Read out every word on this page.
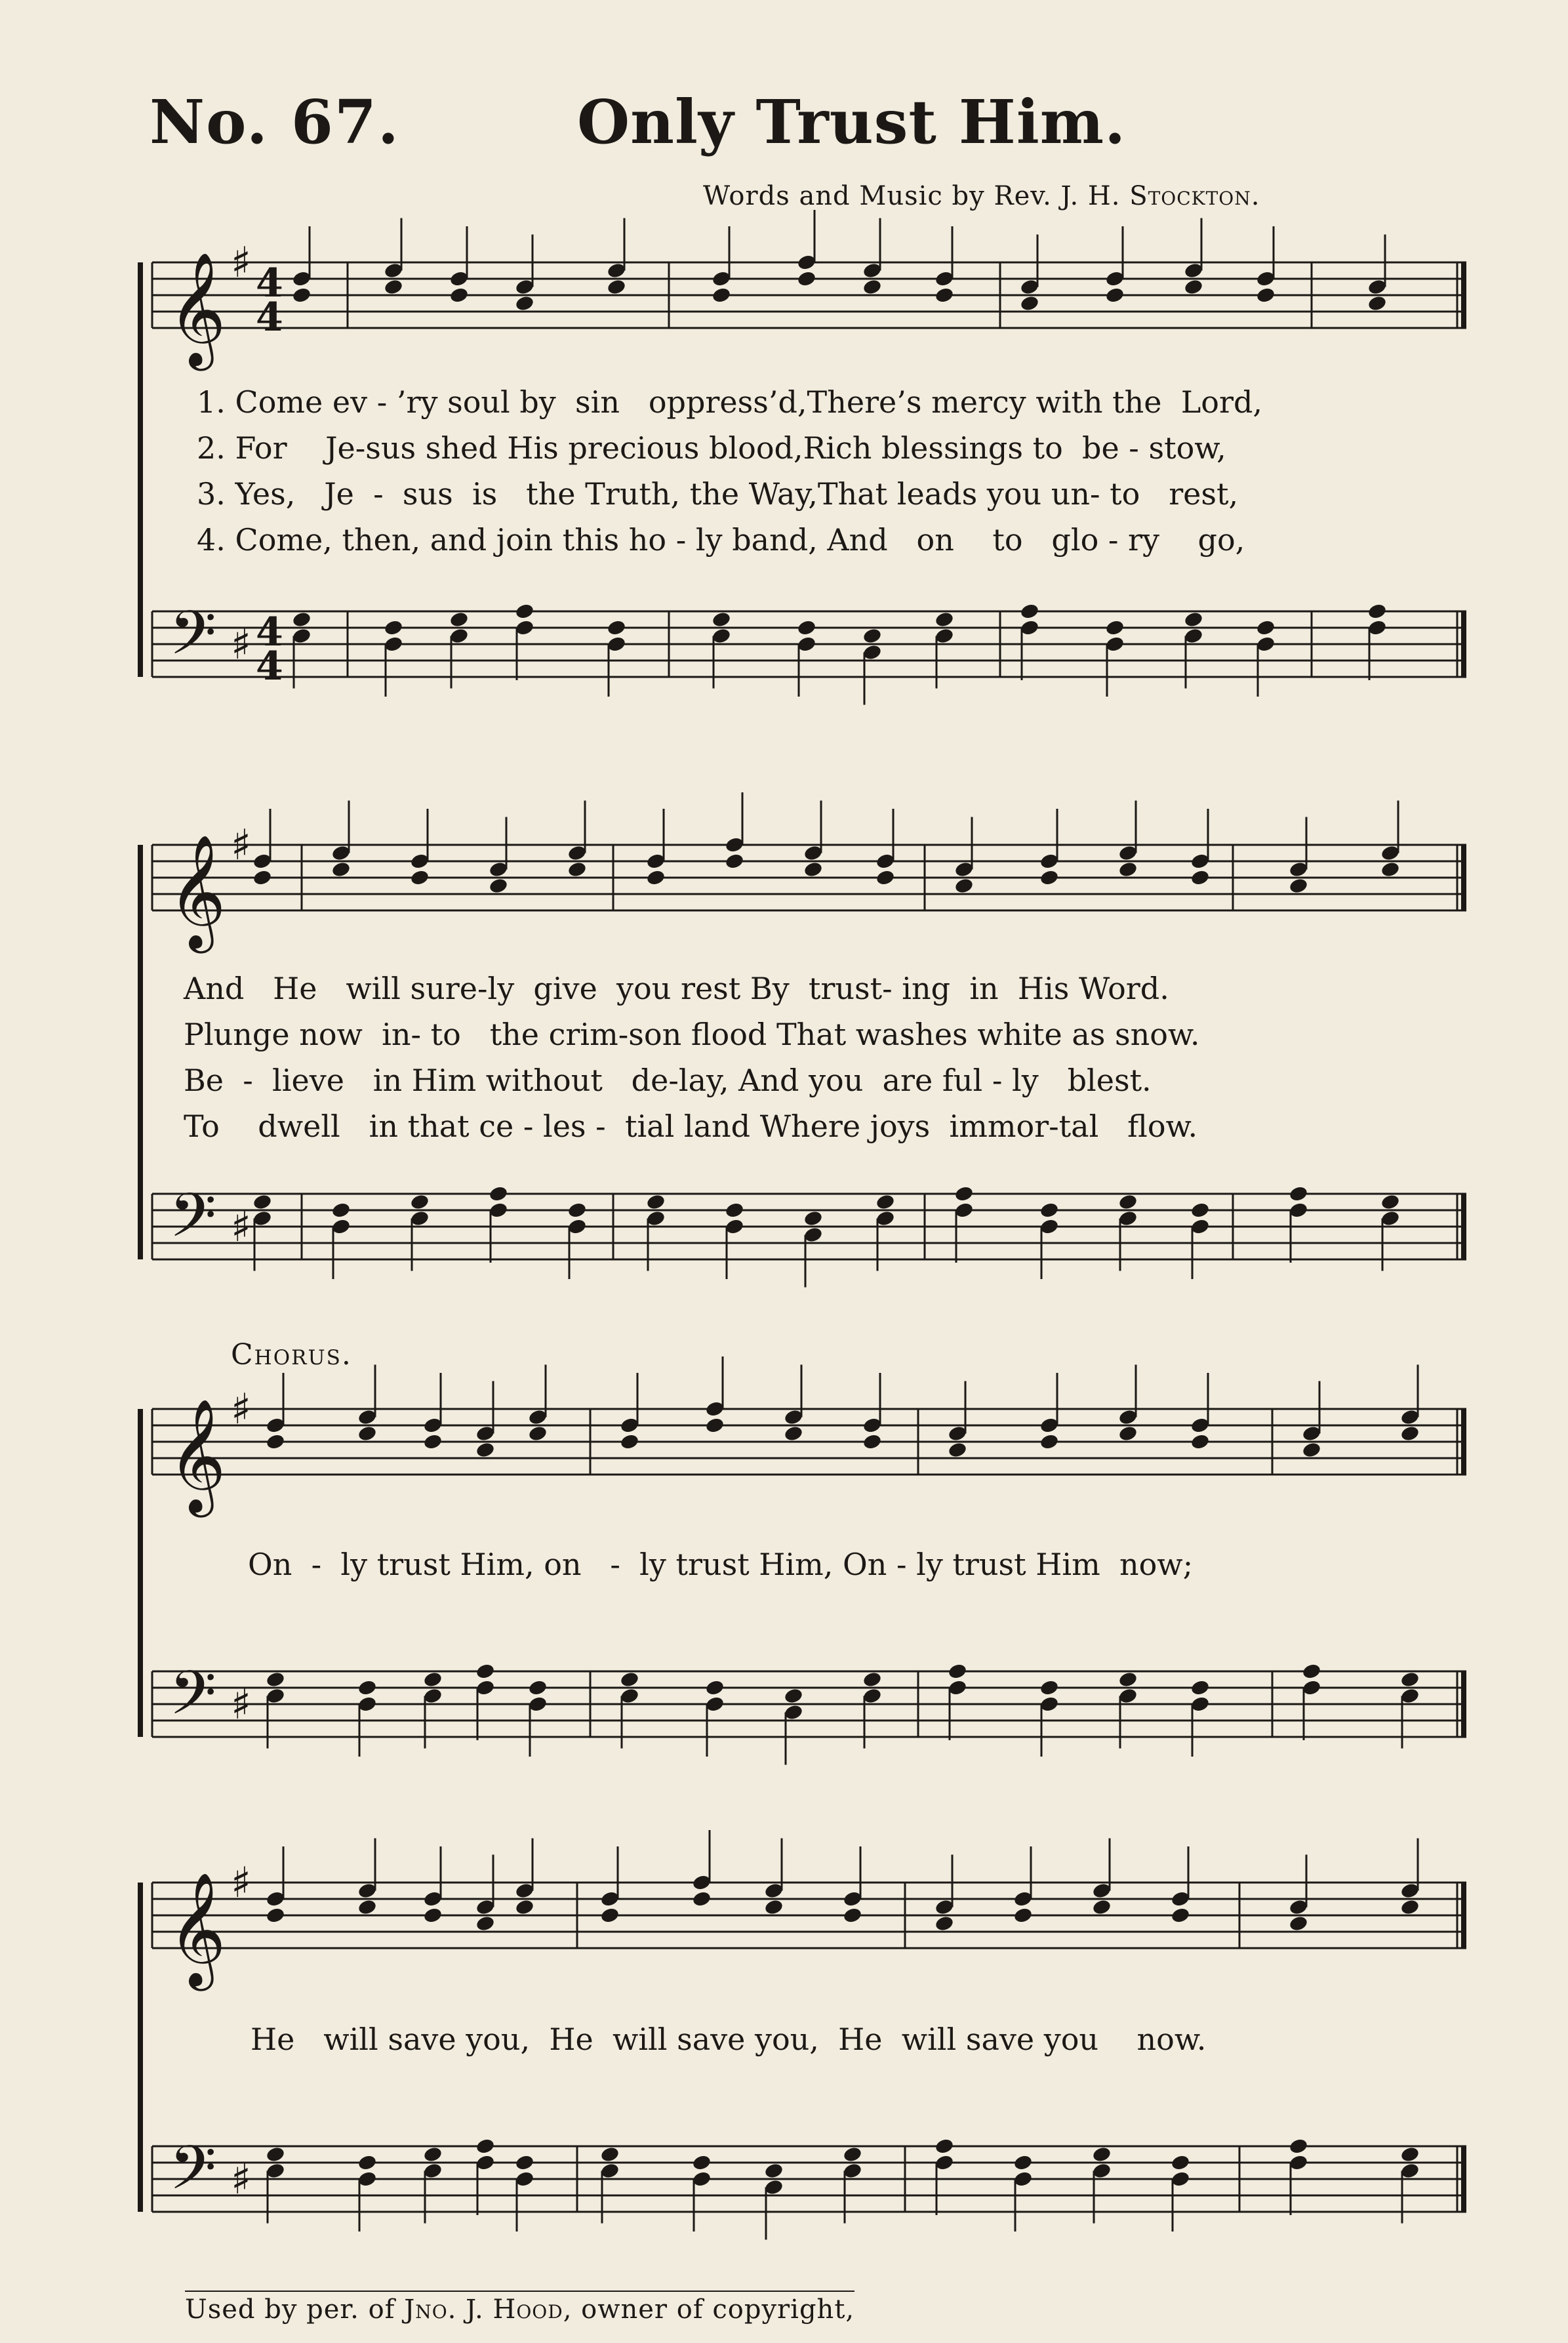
No. 67.	Only Trust Him.
Words and Music by Rev. J. H. Stockton.
1. Come ev - ’ry soul by  sin   oppress’d,There’s mercy with the  Lord,
2. For    Je-sus shed His precious blood,Rich blessings to  be - stow,
3. Yes,   Je  -  sus  is   the Truth, the Way,That leads you un- to   rest,
4. Come, then, and join this ho - ly band, And   on    to   glo - ry    go,
And   He   will sure-ly  give  you rest By  trust- ing  in  His Word.
Plunge now  in- to   the crim-son flood That washes white as snow.
Be  -  lieve   in Him without   de-lay, And you  are ful - ly   blest.
To    dwell   in that ce - les -  tial land Where joys  immor-tal   flow.
Chorus.
On  -  ly trust Him, on   -  ly trust Him, On - ly trust Him  now;
He   will save you,  He  will save you,  He  will save you    now.
Used by per. of Jno. J. Hood, owner of copyright,
𝄞 ♯
𝄢 ♯
4
4
4
4
𝄞 ♯
𝄢 ♯
𝄞 ♯
𝄢 ♯
𝄞 ♯
𝄢 ♯
